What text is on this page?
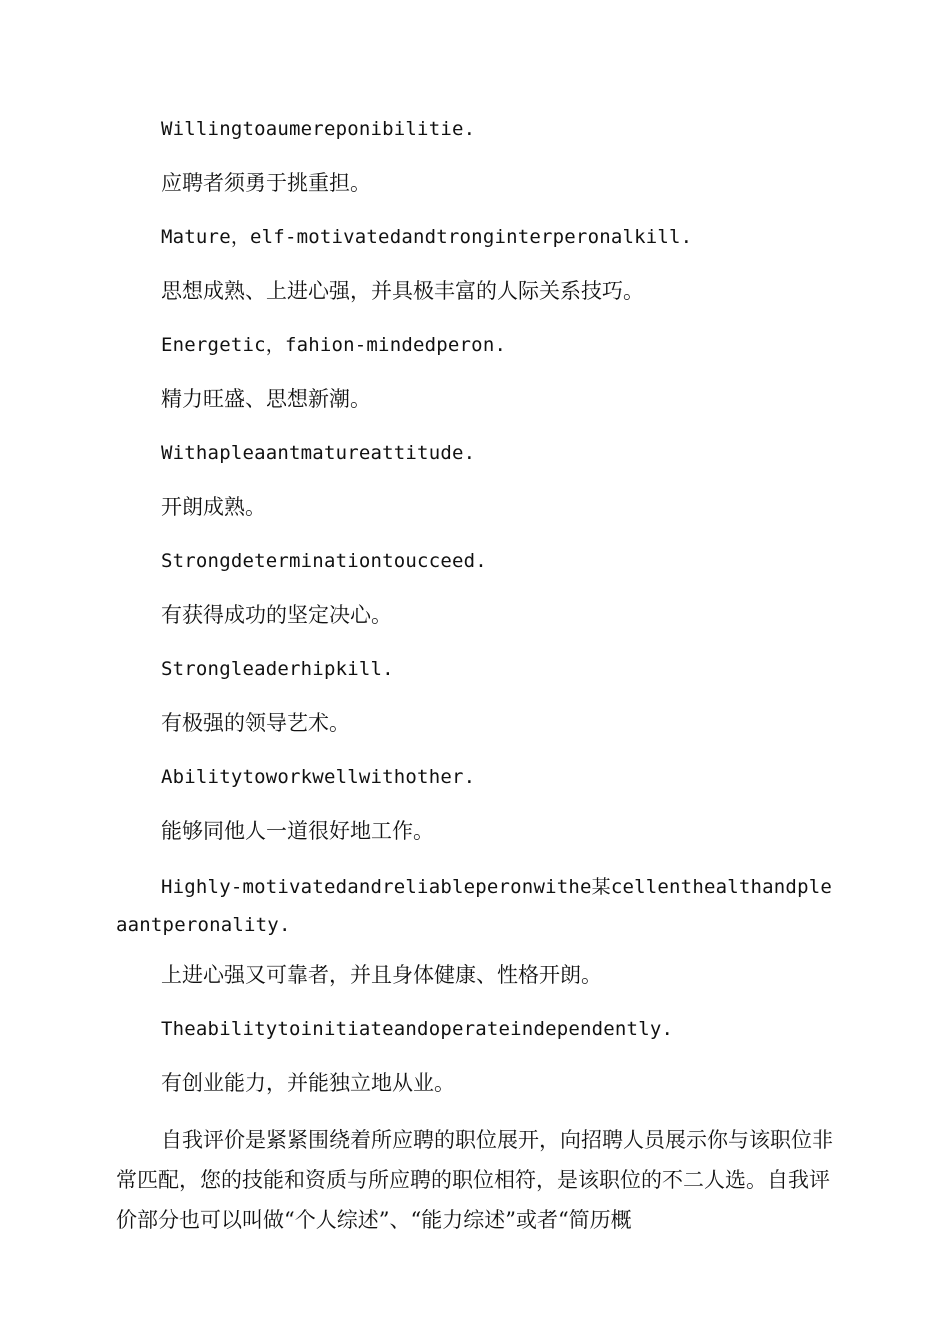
Willingtoaumereponibilitie.

应聘者须勇于挑重担。

Mature，elf-motivatedandtronginterperonalkill.

思想成熟、上进心强，并具极丰富的人际关系技巧。

Energetic，fahion-mindedperon.

精力旺盛、思想新潮。

Withapleaantmatureattitude.

开朗成熟。

Strongdeterminationtoucceed.

有获得成功的坚定决心。

Strongleaderhipkill.

有极强的领导艺术。

Abilitytoworkwellwithother.

能够同他人一道很好地工作。

Highly-motivatedandreliableperonwithe某cellenthealthandpleaantperonality.

上进心强又可靠者，并且身体健康、性格开朗。

Theabilitytoinitiateandoperateindependently.

有创业能力，并能独立地从业。

自我评价是紧紧围绕着所应聘的职位展开，向招聘人员展示你与该职位非常匹配，您的技能和资质与所应聘的职位相符，是该职位的不二人选。自我评价部分也可以叫做“个人综述”、“能力综述”或者“简历概
